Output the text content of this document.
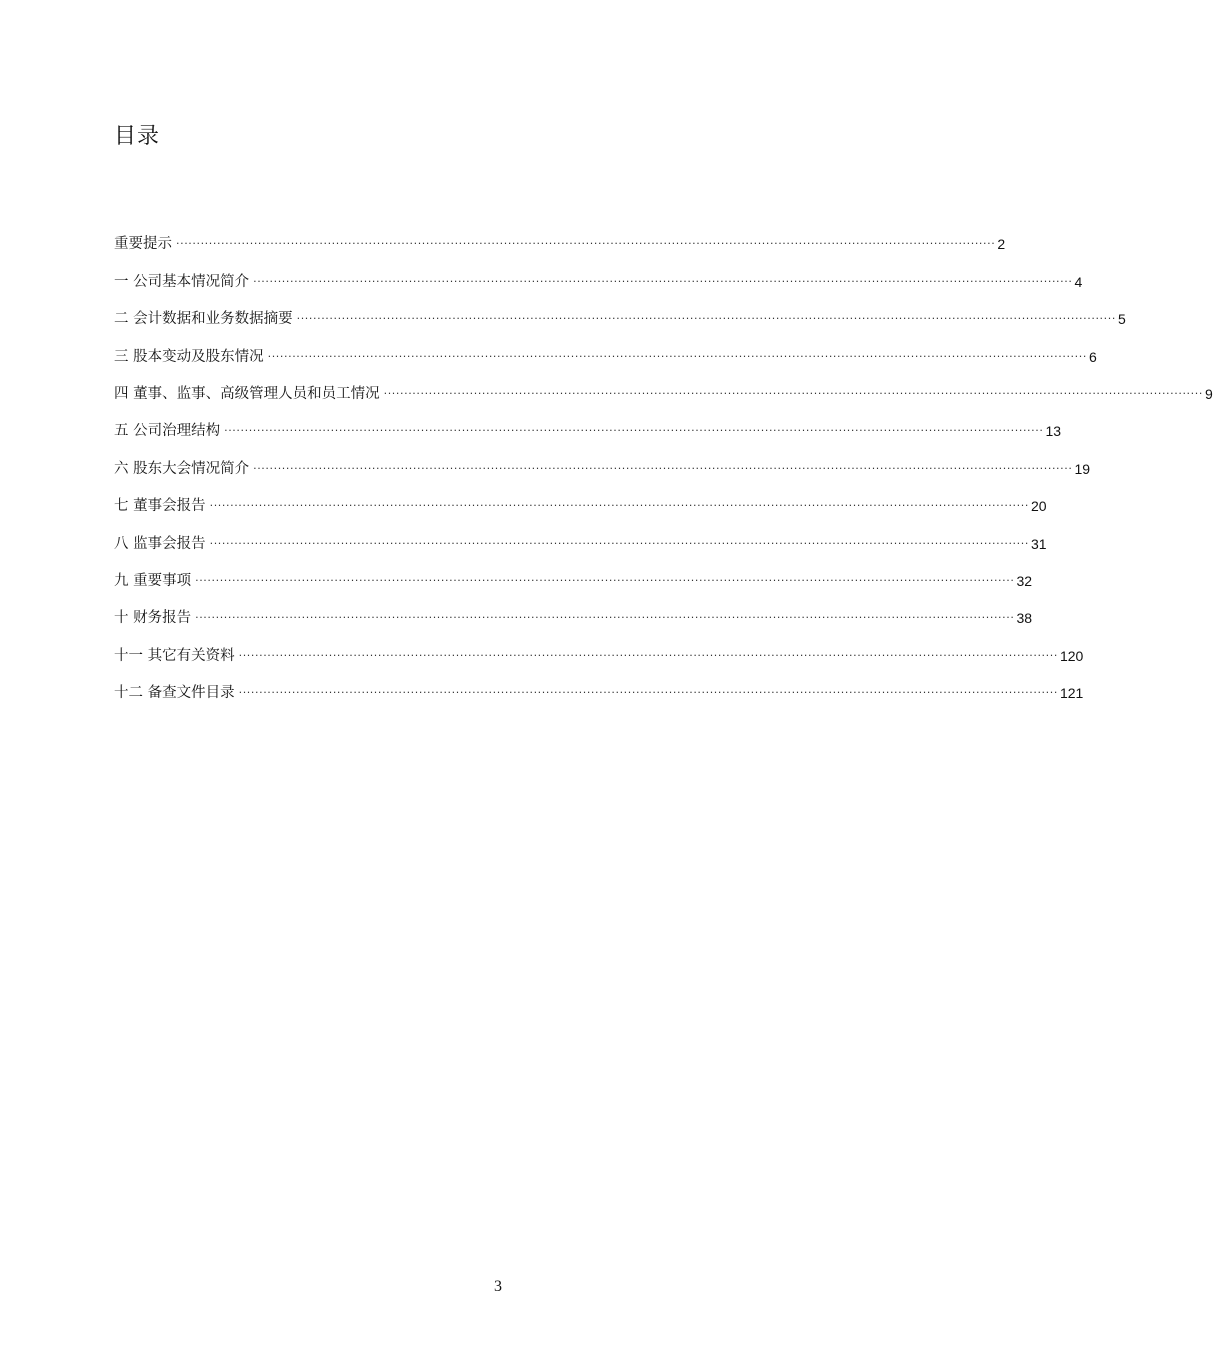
目录
重要提示 ········································································································································································································ 2
一 公司基本情况简介 ········································································································································································································ 4
二 会计数据和业务数据摘要 ········································································································································································································ 5
三 股本变动及股东情况 ········································································································································································································ 6
四 董事、监事、高级管理人员和员工情况 ········································································································································································································ 9
五 公司治理结构 ········································································································································································································ 13
六 股东大会情况简介 ········································································································································································································ 19
七 董事会报告 ········································································································································································································ 20
八 监事会报告 ········································································································································································································ 31
九 重要事项 ········································································································································································································ 32
十 财务报告 ········································································································································································································ 38
十一 其它有关资料 ········································································································································································································ 120
十二 备查文件目录 ········································································································································································································ 121
3
